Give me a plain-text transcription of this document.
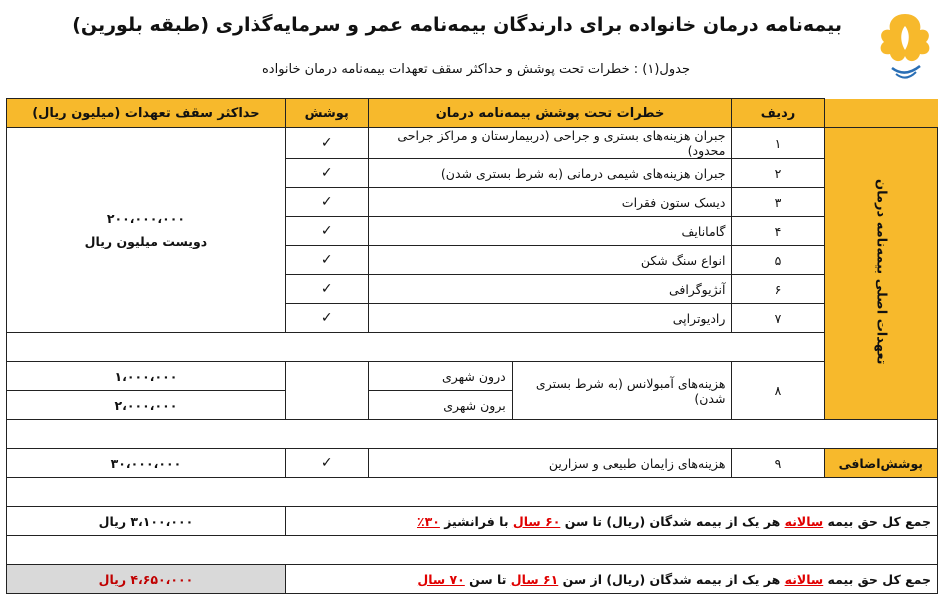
بیمه‌نامه درمان خانواده برای دارندگان بیمه‌نامه عمر و سرمایه‌گذاری (طبقه بلورین)
جدول(۱) : خطرات تحت پوشش و حداکثر سقف تعهدات بیمه‌نامه درمان خانواده
	ردیف	خطرات تحت پوشش بیمه‌نامه درمان		پوشش	حداکثر سقف تعهدات (میلیون ریال)
تعهدات اصلی بیمه‌نامه درمان	۱	جبران هزینه‌های بستری و جراحی (دربیمارستان و مراکز جراحی محدود)		✓	۲۰۰،۰۰۰،۰۰۰
دویست میلیون ریال

	۲	جبران هزینه‌های شیمی درمانی (به شرط بستری شدن)		✓	
	۳	دیسک ستون فقرات		✓	
	۴	گامانایف		✓	
	۵	انواع سنگ شکن		✓	
	۶	آنژیوگرافی		✓	
	۷	رادیوتراپی		✓	

	۸	هزینه‌های آمبولانس (به شرط بستری شدن)	درون شهری		۱،۰۰۰،۰۰۰
			برون شهری		۲،۰۰۰،۰۰۰

پوشش‌اضافی	۹	هزینه‌های زایمان طبیعی و سزارین		✓	۳۰،۰۰۰،۰۰۰

جمع کل حق بیمه سالانه هر یک از بیمه شدگان (ریال) تا سن ۶۰ سال با فرانشیز ۳۰٪					۳،۱۰۰،۰۰۰ ریال

جمع کل حق بیمه سالانه هر یک از بیمه شدگان (ریال) از سن ۶۱ سال تا سن ۷۰ سال					۴،۶۵۰،۰۰۰ ریال
